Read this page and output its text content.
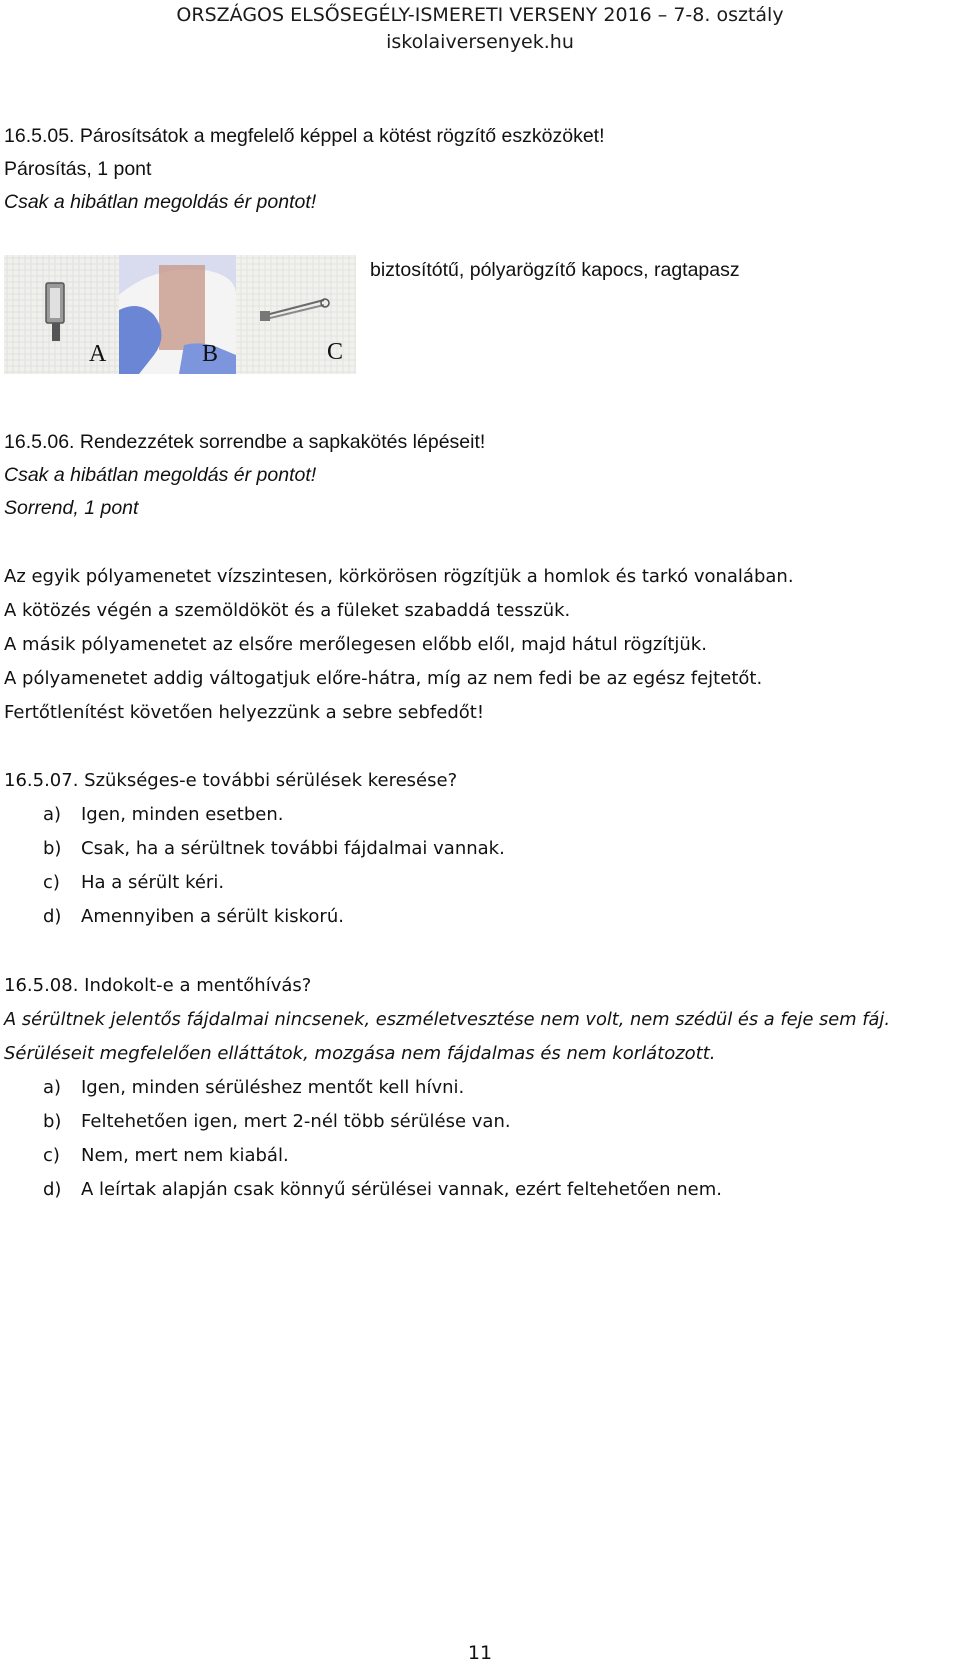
ORSZÁGOS ELSŐSEGÉLY-ISMERETI VERSENY 2016 – 7-8. osztály
iskolaiversenyek.hu
16.5.05. Párosítsátok a megfelelő képpel a kötést rögzítő eszközöket!
Párosítás, 1 pont
Csak a hibátlan megoldás ér pontot!
biztosítótű, pólyarögzítő kapocs, ragtapasz
A	B	C
16.5.06. Rendezzétek sorrendbe a sapkakötés lépéseit!
Csak a hibátlan megoldás ér pontot!
Sorrend, 1 pont
Az egyik pólyamenetet vízszintesen, körkörösen rögzítjük a homlok és tarkó vonalában.
A kötözés végén a szemöldököt és a füleket szabaddá tesszük.
A másik pólyamenetet az elsőre merőlegesen előbb elől, majd hátul rögzítjük.
A pólyamenetet addig váltogatjuk előre-hátra, míg az nem fedi be az egész fejtetőt.
Fertőtlenítést követően helyezzünk a sebre sebfedőt!
16.5.07. Szükséges-e további sérülések keresése?
a) Igen, minden esetben.
b) Csak, ha a sérültnek további fájdalmai vannak.
c) Ha a sérült kéri.
d) Amennyiben a sérült kiskorú.
16.5.08. Indokolt-e a mentőhívás?
A sérültnek jelentős fájdalmai nincsenek, eszméletvesztése nem volt, nem szédül és a feje sem fáj.
Sérüléseit megfelelően elláttátok, mozgása nem fájdalmas és nem korlátozott.
a) Igen, minden sérüléshez mentőt kell hívni.
b) Feltehetően igen, mert 2-nél több sérülése van.
c) Nem, mert nem kiabál.
d) A leírtak alapján csak könnyű sérülései vannak, ezért feltehetően nem.
11
